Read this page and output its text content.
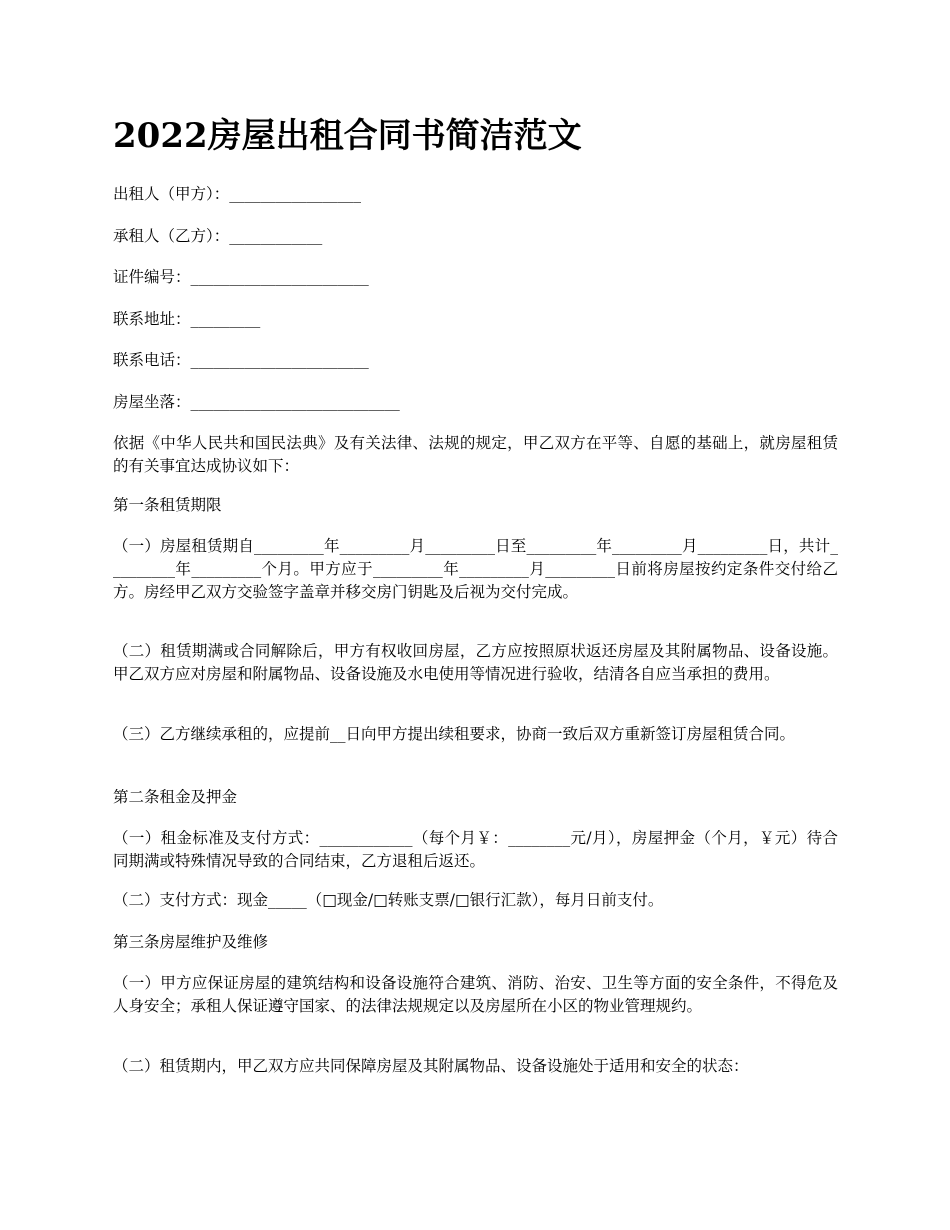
2022房屋出租合同书简洁范文

出租人（甲方）：_________________

承租人（乙方）：____________

证件编号：_______________________

联系地址：_________

联系电话：_______________________

房屋坐落：___________________________

依据《中华人民共和国民法典》及有关法律、法规的规定，甲乙双方在平等、自愿的基础上，就房屋租赁的有关事宜达成协议如下：

第一条租赁期限

（一）房屋租赁期自_________年_________月_________日至_________年_________月_________日，共计_________年_________个月。甲方应于_________年_________月_________日前将房屋按约定条件交付给乙方。房经甲乙双方交验签字盖章并移交房门钥匙及后视为交付完成。

（二）租赁期满或合同解除后，甲方有权收回房屋，乙方应按照原状返还房屋及其附属物品、设备设施。甲乙双方应对房屋和附属物品、设备设施及水电使用等情况进行验收，结清各自应当承担的费用。

（三）乙方继续承租的，应提前__日向甲方提出续租要求，协商一致后双方重新签订房屋租赁合同。

第二条租金及押金

（一）租金标准及支付方式：____________（每个月￥：________元/月），房屋押金（个月，￥元）待合同期满或特殊情况导致的合同结束，乙方退租后返还。

（二）支付方式：现金_____（□现金/□转账支票/□银行汇款），每月日前支付。

第三条房屋维护及维修

（一）甲方应保证房屋的建筑结构和设备设施符合建筑、消防、治安、卫生等方面的安全条件，不得危及人身安全；承租人保证遵守国家、的法律法规规定以及房屋所在小区的物业管理规约。

（二）租赁期内，甲乙双方应共同保障房屋及其附属物品、设备设施处于适用和安全的状态：
